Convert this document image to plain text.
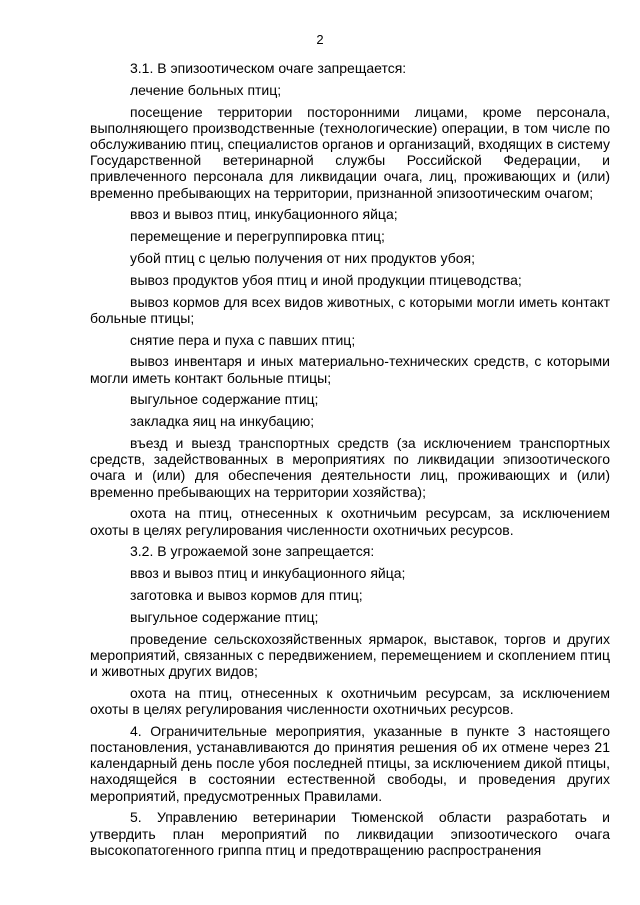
2

3.1. В эпизоотическом очаге запрещается:

лечение больных птиц;

посещение территории посторонними лицами, кроме персонала, выполняющего производственные (технологические) операции, в том числе по обслуживанию птиц, специалистов органов и организаций, входящих в систему Государственной ветеринарной службы Российской Федерации, и привлеченного персонала для ликвидации очага, лиц, проживающих и (или) временно пребывающих на территории, признанной эпизоотическим очагом;

ввоз и вывоз птиц, инкубационного яйца;

перемещение и перегруппировка птиц;

убой птиц с целью получения от них продуктов убоя;

вывоз продуктов убоя птиц и иной продукции птицеводства;

вывоз кормов для всех видов животных, с которыми могли иметь контакт больные птицы;

снятие пера и пуха с павших птиц;

вывоз инвентаря и иных материально-технических средств, с которыми могли иметь контакт больные птицы;

выгульное содержание птиц;

закладка яиц на инкубацию;

въезд и выезд транспортных средств (за исключением транспортных средств, задействованных в мероприятиях по ликвидации эпизоотического очага и (или) для обеспечения деятельности лиц, проживающих и (или) временно пребывающих на территории хозяйства);

охота на птиц, отнесенных к охотничьим ресурсам, за исключением охоты в целях регулирования численности охотничьих ресурсов.

3.2. В угрожаемой зоне запрещается:

ввоз и вывоз птиц и инкубационного яйца;

заготовка и вывоз кормов для птиц;

выгульное содержание птиц;

проведение сельскохозяйственных ярмарок, выставок, торгов и других мероприятий, связанных с передвижением, перемещением и скоплением птиц и животных других видов;

охота на птиц, отнесенных к охотничьим ресурсам, за исключением охоты в целях регулирования численности охотничьих ресурсов.

4. Ограничительные мероприятия, указанные в пункте 3 настоящего постановления, устанавливаются до принятия решения об их отмене через 21 календарный день после убоя последней птицы, за исключением дикой птицы, находящейся в состоянии естественной свободы, и проведения других мероприятий, предусмотренных Правилами.

5. Управлению ветеринарии Тюменской области разработать и утвердить план мероприятий по ликвидации эпизоотического очага высокопатогенного гриппа птиц и предотвращению распространения
